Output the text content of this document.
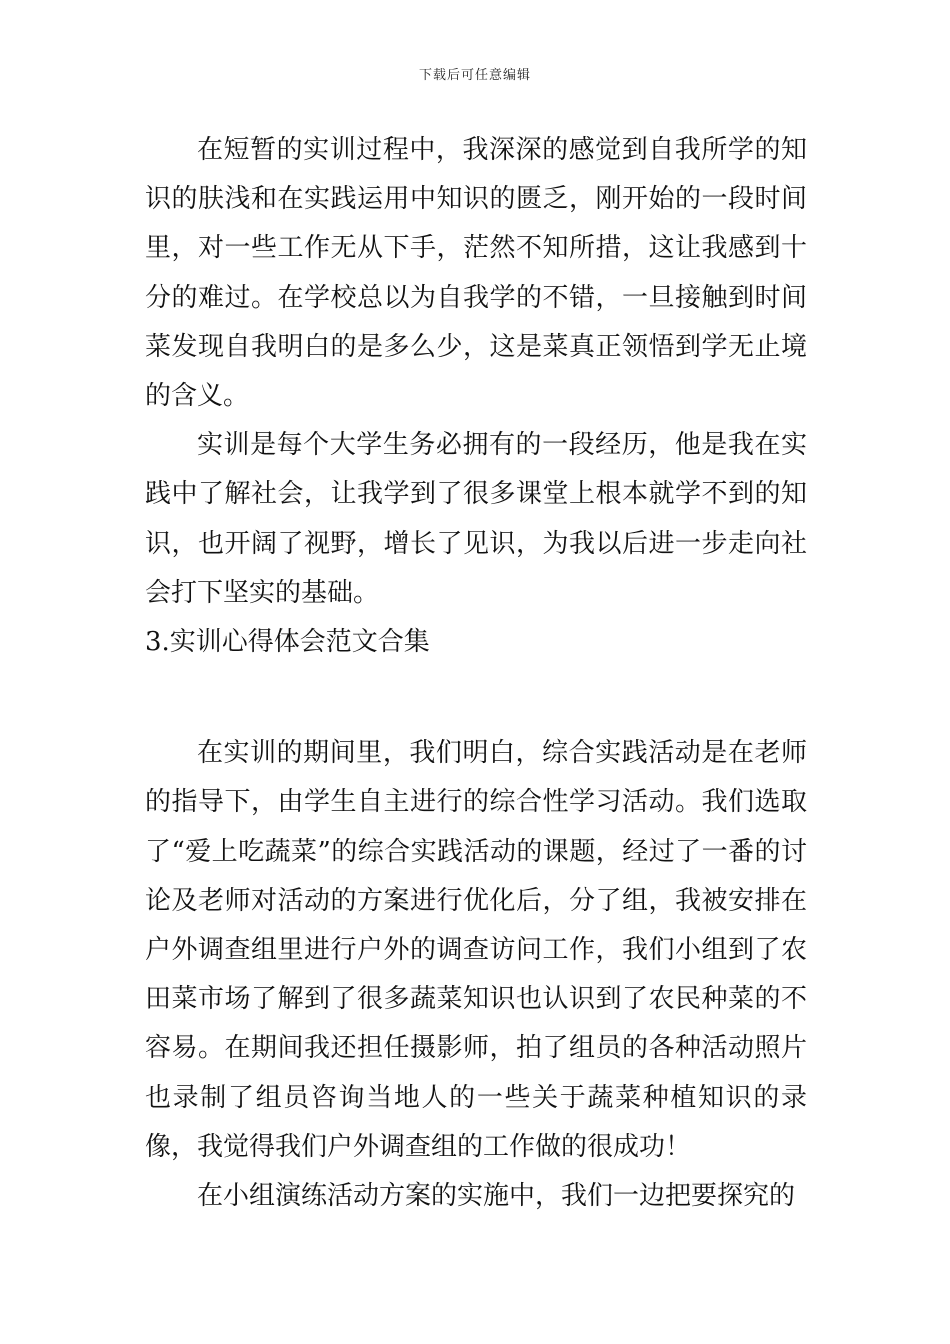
下载后可任意编辑

在短暂的实训过程中，我深深的感觉到自我所学的知识的肤浅和在实践运用中知识的匮乏，刚开始的一段时间里，对一些工作无从下手，茫然不知所措，这让我感到十分的难过。在学校总以为自我学的不错，一旦接触到时间菜发现自我明白的是多么少，这是菜真正领悟到学无止境的含义。

实训是每个大学生务必拥有的一段经历，他是我在实践中了解社会，让我学到了很多课堂上根本就学不到的知识，也开阔了视野，增长了见识，为我以后进一步走向社会打下坚实的基础。

3.实训心得体会范文合集

在实训的期间里，我们明白，综合实践活动是在老师的指导下，由学生自主进行的综合性学习活动。我们选取了“爱上吃蔬菜”的综合实践活动的课题，经过了一番的讨论及老师对活动的方案进行优化后，分了组，我被安排在户外调查组里进行户外的调查访问工作，我们小组到了农田菜市场了解到了很多蔬菜知识也认识到了农民种菜的不容易。在期间我还担任摄影师，拍了组员的各种活动照片也录制了组员咨询当地人的一些关于蔬菜种植知识的录像，我觉得我们户外调查组的工作做的很成功！

在小组演练活动方案的实施中，我们一边把要探究的
